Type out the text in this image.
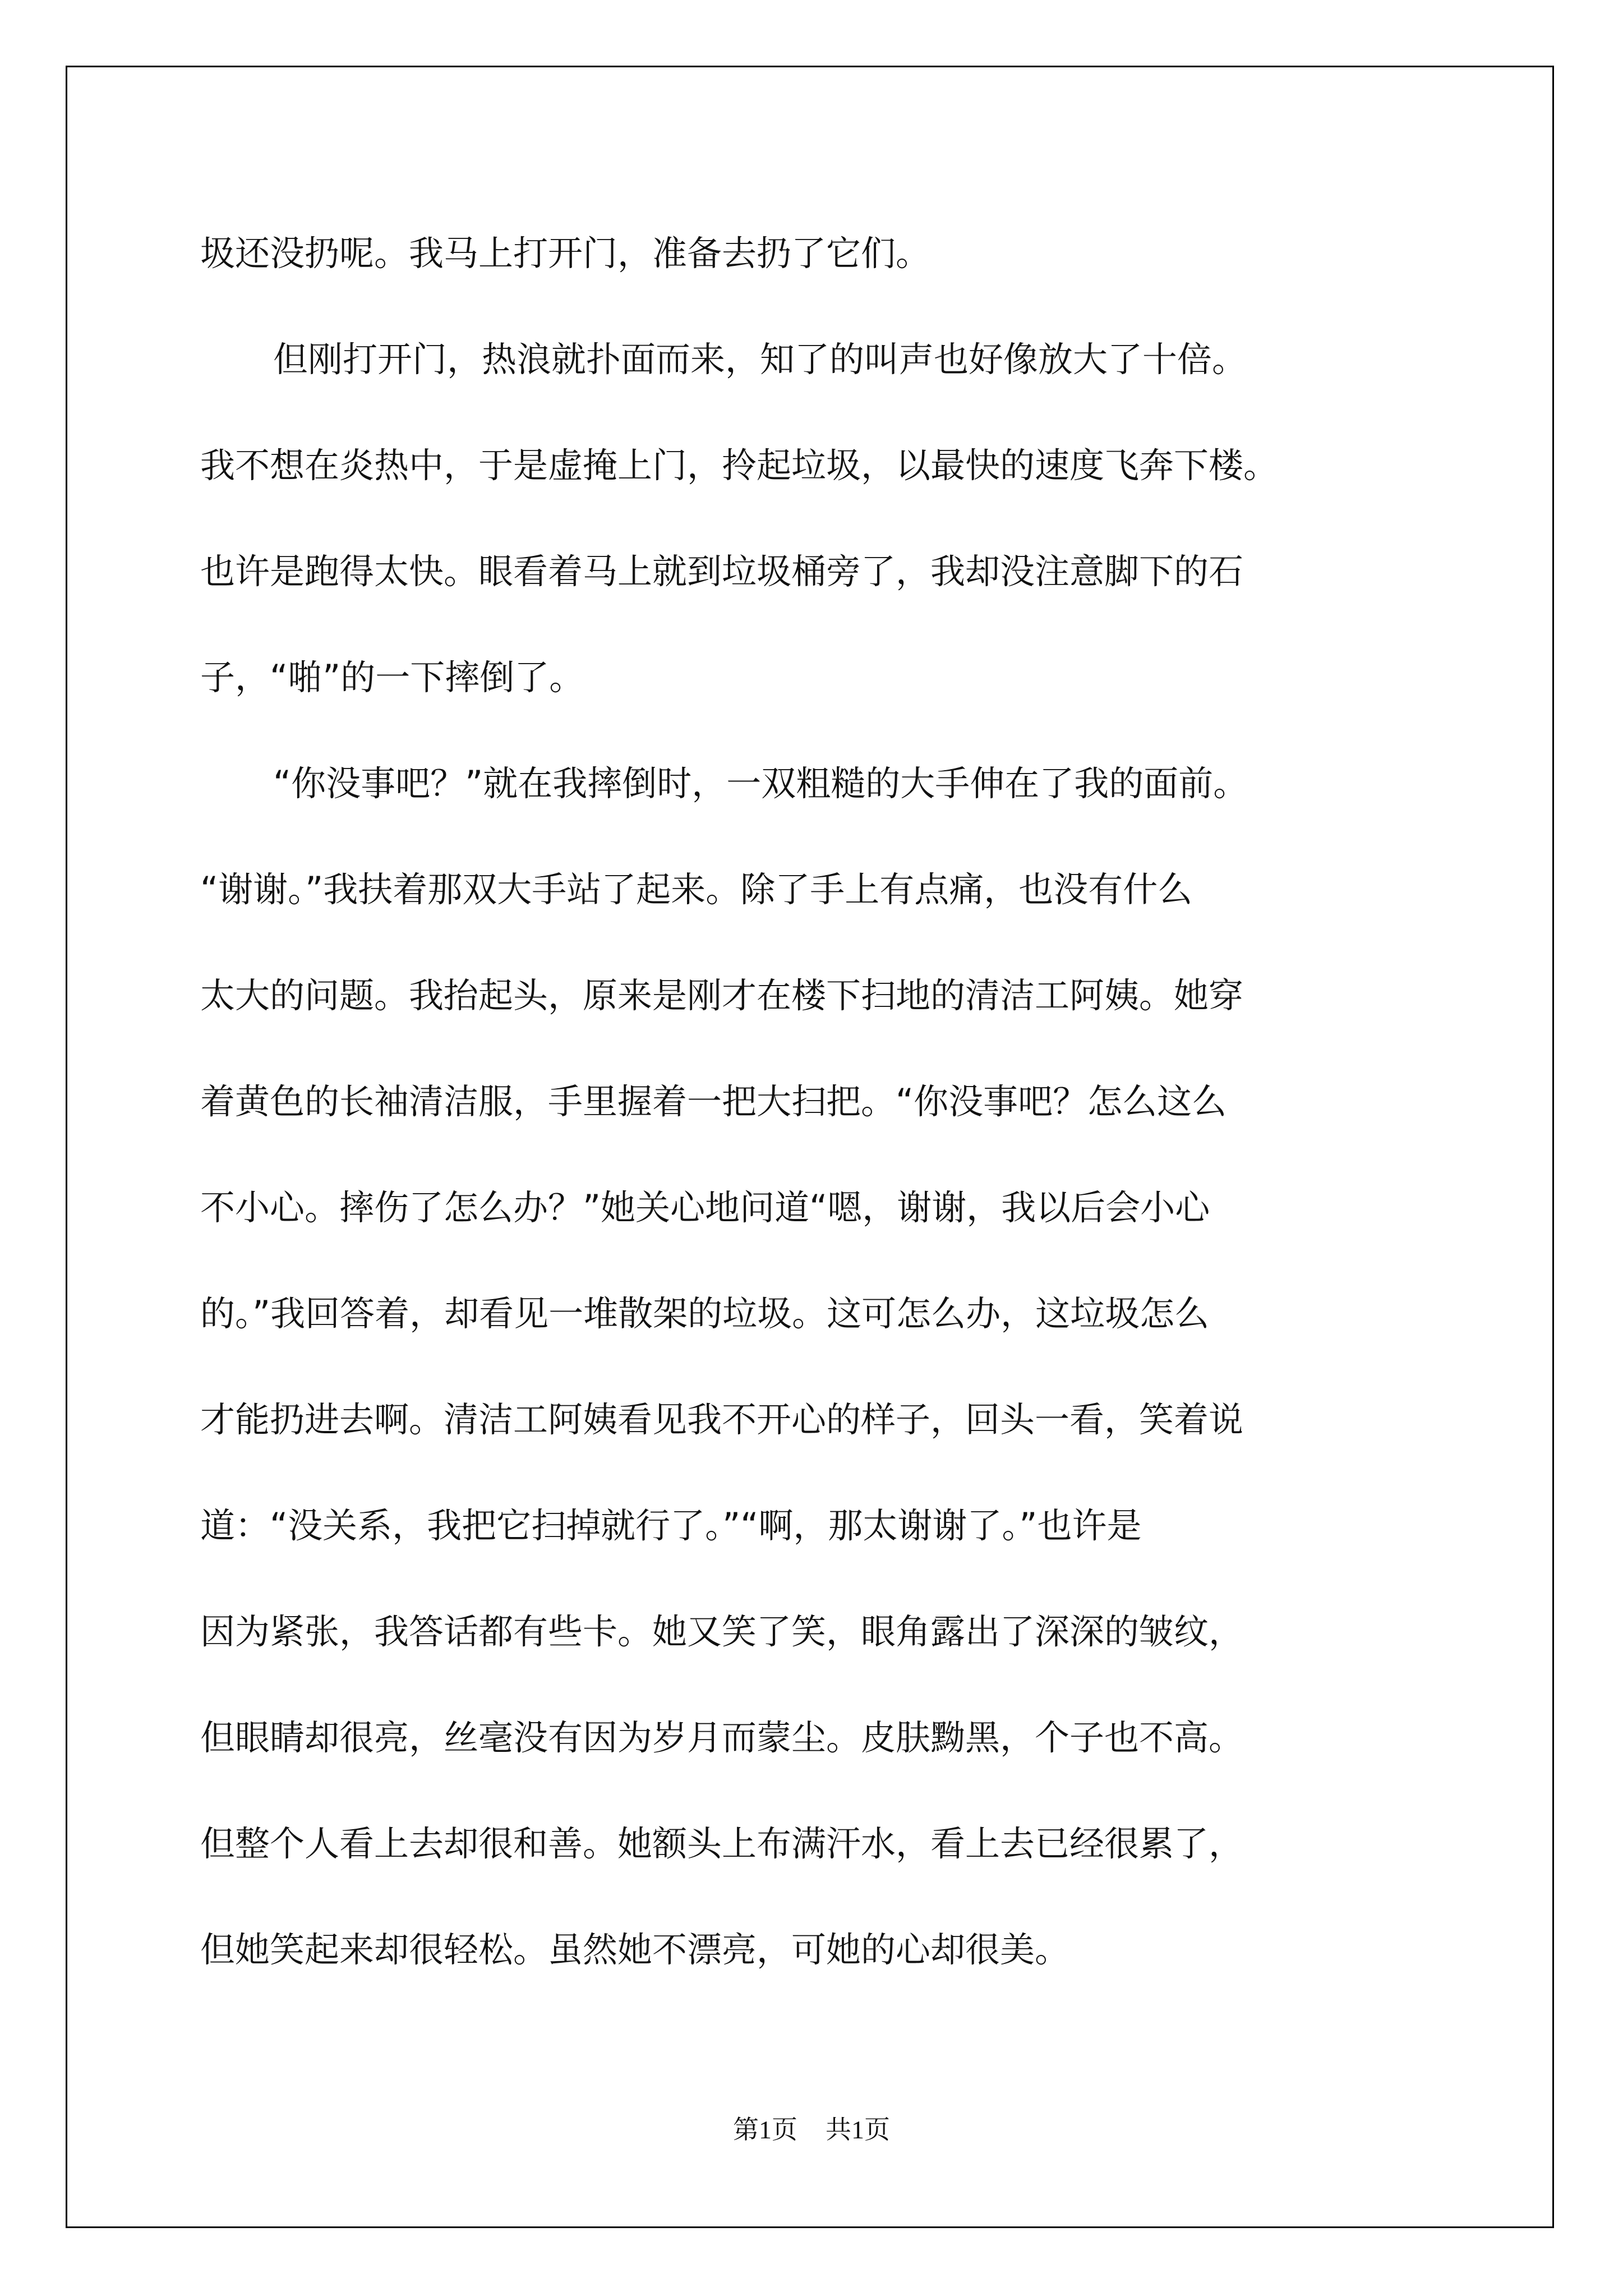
圾还没扔呢。我马上打开门，准备去扔了它们。
但刚打开门，热浪就扑面而来，知了的叫声也好像放大了十倍。
我不想在炎热中，于是虚掩上门，拎起垃圾，以最快的速度飞奔下楼。
也许是跑得太快。眼看着马上就到垃圾桶旁了，我却没注意脚下的石
子，“啪”的一下摔倒了。
“你没事吧？”就在我摔倒时，一双粗糙的大手伸在了我的面前。
“谢谢。”我扶着那双大手站了起来。除了手上有点痛，也没有什么
太大的问题。我抬起头，原来是刚才在楼下扫地的清洁工阿姨。她穿
着黄色的长袖清洁服，手里握着一把大扫把。“你没事吧？怎么这么
不小心。摔伤了怎么办？”她关心地问道“嗯，谢谢，我以后会小心
的。”我回答着，却看见一堆散架的垃圾。这可怎么办，这垃圾怎么
才能扔进去啊。清洁工阿姨看见我不开心的样子，回头一看，笑着说
道：“没关系，我把它扫掉就行了。”“啊，那太谢谢了。”也许是
因为紧张，我答话都有些卡。她又笑了笑，眼角露出了深深的皱纹，
但眼睛却很亮，丝毫没有因为岁月而蒙尘。皮肤黝黑，个子也不高。
但整个人看上去却很和善。她额头上布满汗水，看上去已经很累了，
但她笑起来却很轻松。虽然她不漂亮，可她的心却很美。
第1页 共1页
